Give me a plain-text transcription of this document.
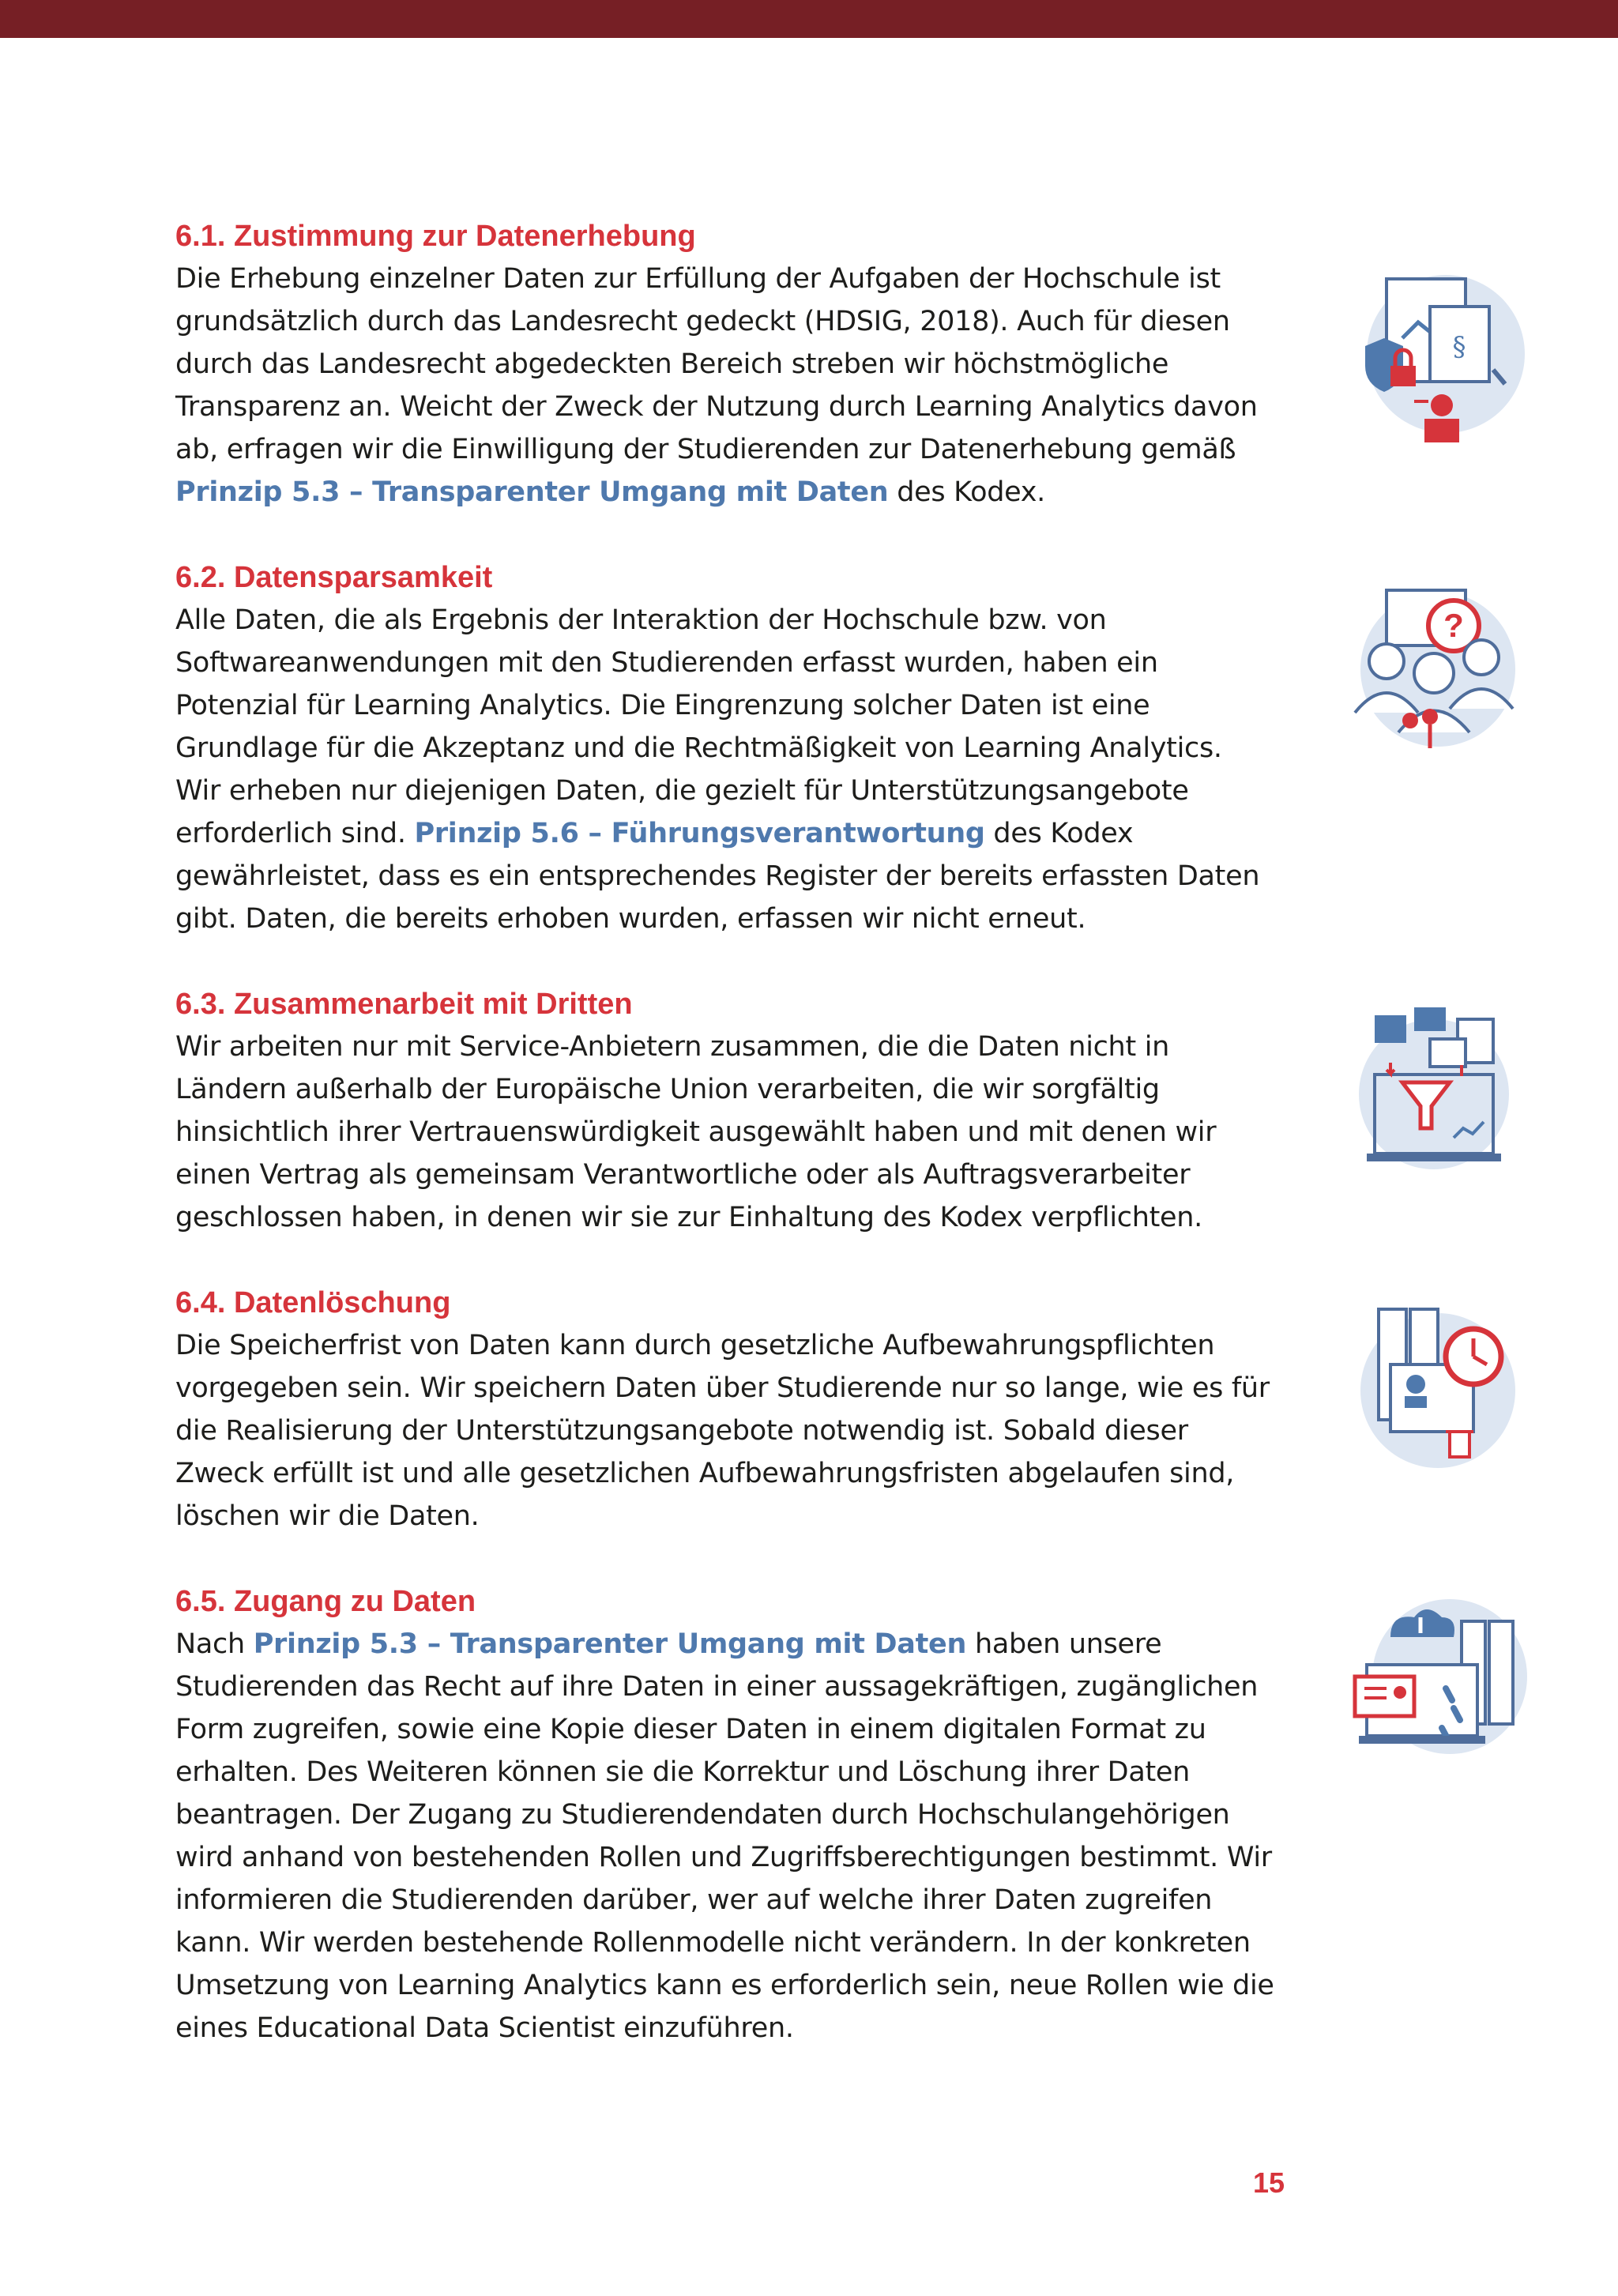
6.1. Zustimmung zur Datenerhebung

Die Erhebung einzelner Daten zur Erfüllung der Aufgaben der Hochschule ist grundsätzlich durch das Landesrecht gedeckt (HDSIG, 2018). Auch für diesen durch das Landesrecht abgedeckten Bereich streben wir höchstmögliche Transparenz an. Weicht der Zweck der Nutzung durch Learning Analytics davon ab, erfragen wir die Einwilligung der Studierenden zur Datenerhebung gemäß Prinzip 5.3 – Transparenter Umgang mit Daten des Kodex.

6.2. Datensparsamkeit

Alle Daten, die als Ergebnis der Interaktion der Hochschule bzw. von Softwareanwendungen mit den Studierenden erfasst wurden, haben ein Potenzial für Learning Analytics. Die Eingrenzung solcher Daten ist eine Grundlage für die Akzeptanz und die Rechtmäßigkeit von Learning Analytics.

Wir erheben nur diejenigen Daten, die gezielt für Unterstützungsangebote erforderlich sind. Prinzip 5.6 – Führungsverantwortung des Kodex gewährleistet, dass es ein entsprechendes Register der bereits erfassten Daten gibt. Daten, die bereits erhoben wurden, erfassen wir nicht erneut.

6.3. Zusammenarbeit mit Dritten

Wir arbeiten nur mit Service-Anbietern zusammen, die die Daten nicht in Ländern außerhalb der Europäische Union verarbeiten, die wir sorgfältig hinsichtlich ihrer Vertrauenswürdigkeit ausgewählt haben und mit denen wir einen Vertrag als gemeinsam Verantwortliche oder als Auftragsverarbeiter geschlossen haben, in denen wir sie zur Einhaltung des Kodex verpflichten.

6.4. Datenlöschung

Die Speicherfrist von Daten kann durch gesetzliche Aufbewahrungspflichten vorgegeben sein. Wir speichern Daten über Studierende nur so lange, wie es für die Realisierung der Unterstützungsangebote notwendig ist. Sobald dieser Zweck erfüllt ist und alle gesetzlichen Aufbewahrungsfristen abgelaufen sind, löschen wir die Daten.

6.5. Zugang zu Daten

Nach Prinzip 5.3 – Transparenter Umgang mit Daten haben unsere Studierenden das Recht auf ihre Daten in einer aussagekräftigen, zugänglichen Form zugreifen, sowie eine Kopie dieser Daten in einem digitalen Format zu erhalten. Des Weiteren können sie die Korrektur und Löschung ihrer Daten beantragen. Der Zugang zu Studierendendaten durch Hochschulangehörigen wird anhand von bestehenden Rollen und Zugriffsberechtigungen bestimmt. Wir informieren die Studierenden darüber, wer auf welche ihrer Daten zugreifen kann. Wir werden bestehende Rollenmodelle nicht verändern. In der konkreten Umsetzung von Learning Analytics kann es erforderlich sein, neue Rollen wie die eines Educational Data Scientist einzuführen.

§
?
15
